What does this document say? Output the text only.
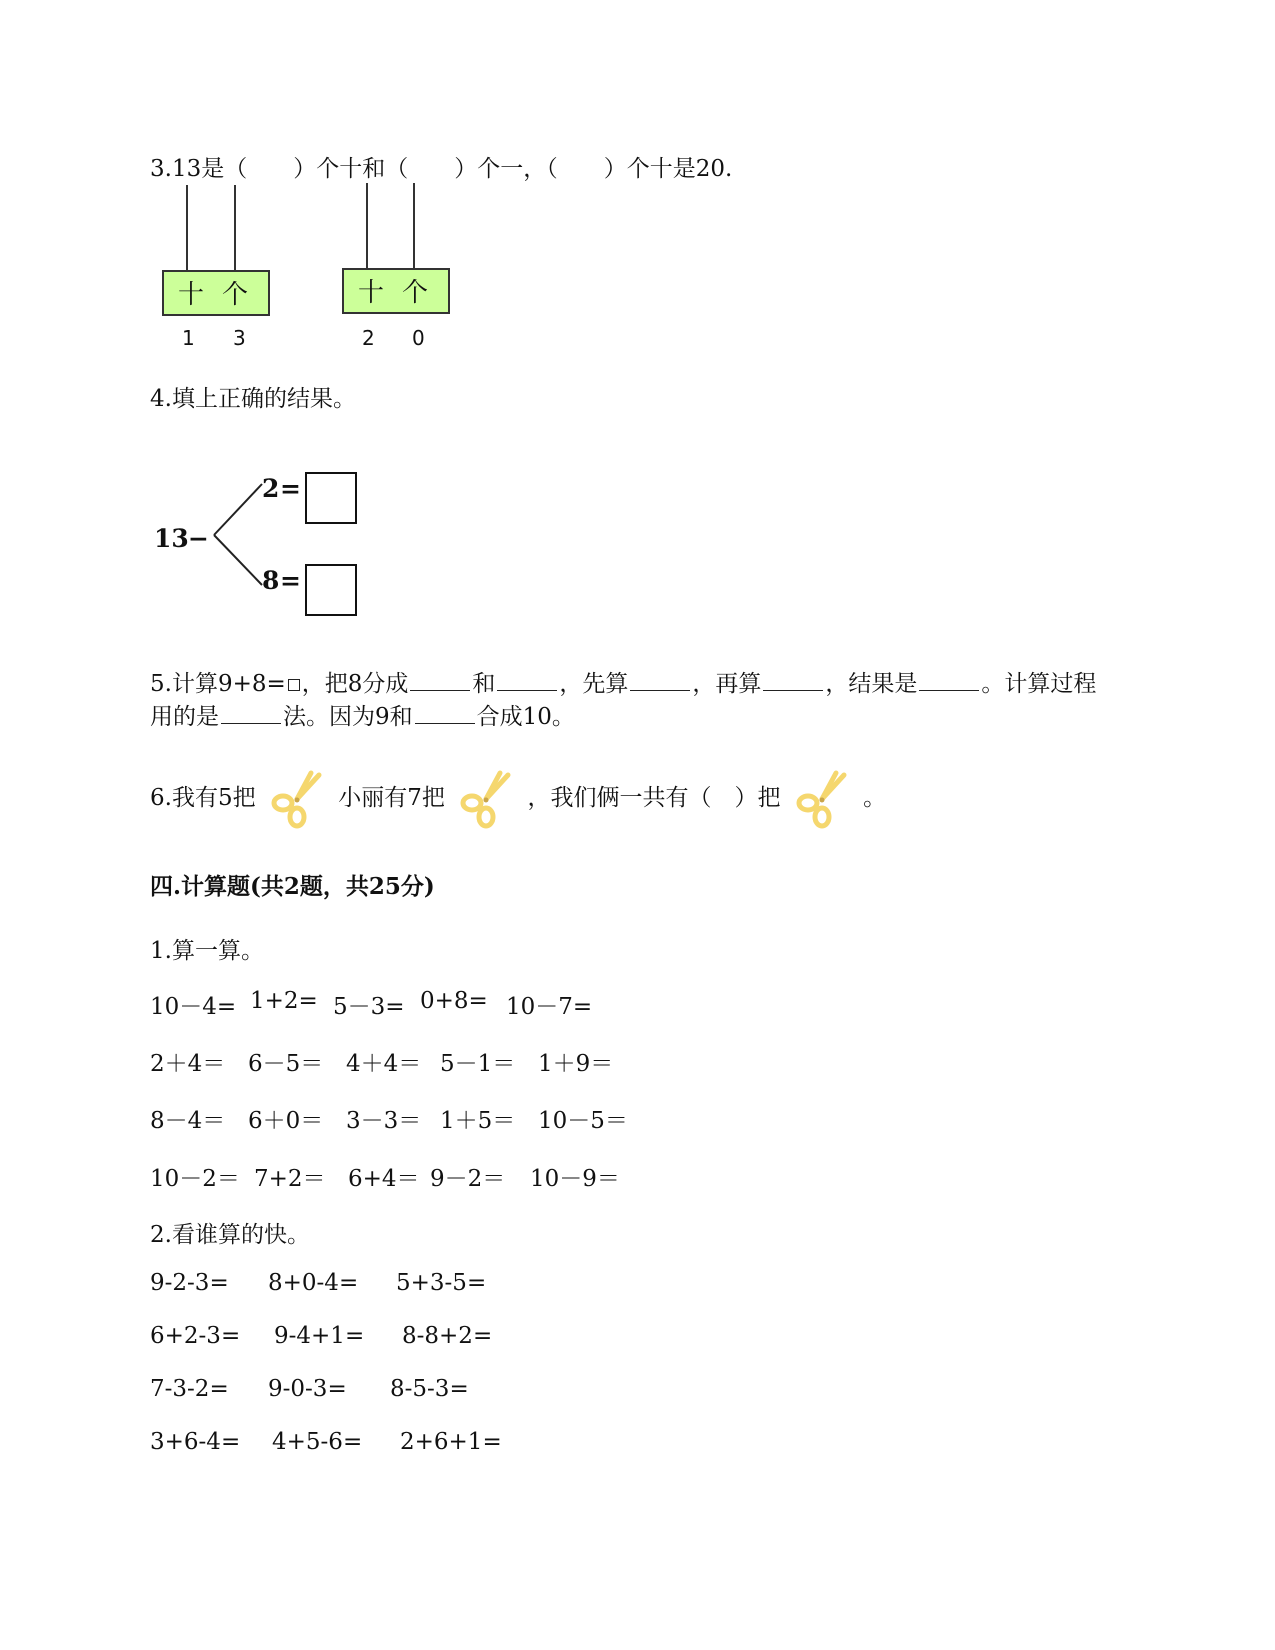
3.13是（　　）个十和（　　）个一，（　　）个十是20.
十 个
1 3
十 个
2 0
4.填上正确的结果。
13 −
2 =
8 =
5.计算9+8= ，把8分成	和	，先算	，再算	，结果是	。计算过程
用的是	法。因为9和	合成10。
6.我有5把	小丽有7把	，我们俩一共有（　）把	。
四.计算题(共2题，共25分)
1.算一算。
10－4= 1+2= 5－3= 0+8= 10－7=
2＋4＝ 6－5＝ 4＋4＝ 5－1＝ 1＋9＝
8－4＝ 6＋0＝ 3－3＝ 1＋5＝ 10－5＝
10－2＝ 7+2＝ 6+4＝ 9－2＝ 10－9＝
2.看谁算的快。
9-2-3= 8+0-4= 5+3-5=
6+2-3= 9-4+1= 8-8+2=
7-3-2= 9-0-3= 8-5-3=
3+6-4= 4+5-6= 2+6+1=
